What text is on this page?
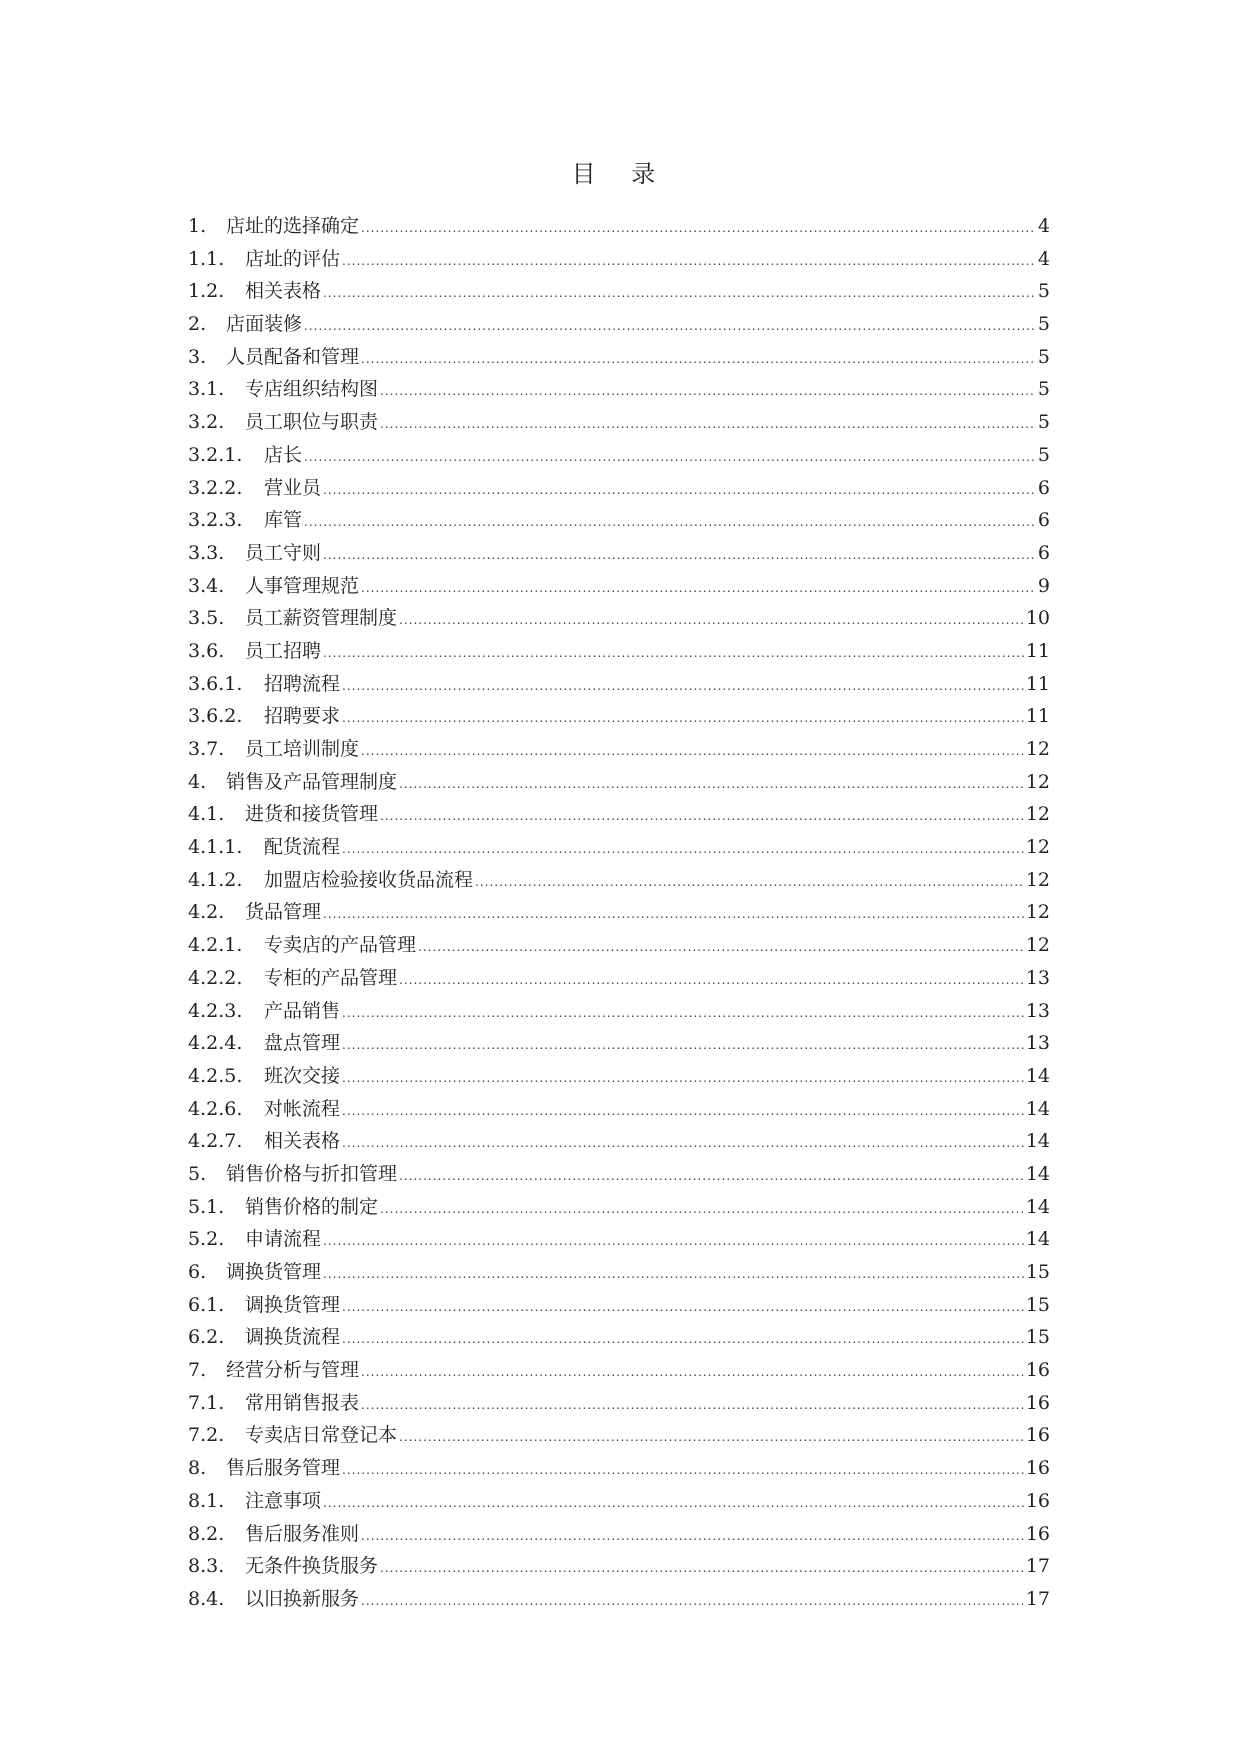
目 录
1.	店址的选择确定 .....	4
1.1.	店址的评估 .....	4
1.2.	相关表格 .....	5
2.	店面装修 .....	5
3.	人员配备和管理 .....	5
3.1.	专店组织结构图 .....	5
3.2.	员工职位与职责 .....	5
3.2.1.	店长 .....	5
3.2.2.	营业员 .....	6
3.2.3.	库管 .....	6
3.3.	员工守则 .....	6
3.4.	人事管理规范 .....	9
3.5.	员工薪资管理制度 .....	10
3.6.	员工招聘 .....	11
3.6.1.	招聘流程 .....	11
3.6.2.	招聘要求 .....	11
3.7.	员工培训制度 .....	12
4.	销售及产品管理制度 .....	12
4.1.	进货和接货管理 .....	12
4.1.1.	配货流程 .....	12
4.1.2.	加盟店检验接收货品流程 .....	12
4.2.	货品管理 .....	12
4.2.1.	专卖店的产品管理 .....	12
4.2.2.	专柜的产品管理 .....	13
4.2.3.	产品销售 .....	13
4.2.4.	盘点管理 .....	13
4.2.5.	班次交接 .....	14
4.2.6.	对帐流程 .....	14
4.2.7.	相关表格 .....	14
5.	销售价格与折扣管理 .....	14
5.1.	销售价格的制定 .....	14
5.2.	申请流程 .....	14
6.	调换货管理 .....	15
6.1.	调换货管理 .....	15
6.2.	调换货流程 .....	15
7.	经营分析与管理 .....	16
7.1.	常用销售报表 .....	16
7.2.	专卖店日常登记本 .....	16
8.	售后服务管理 .....	16
8.1.	注意事项 .....	16
8.2.	售后服务准则 .....	16
8.3.	无条件换货服务 .....	17
8.4.	以旧换新服务 .....	17
